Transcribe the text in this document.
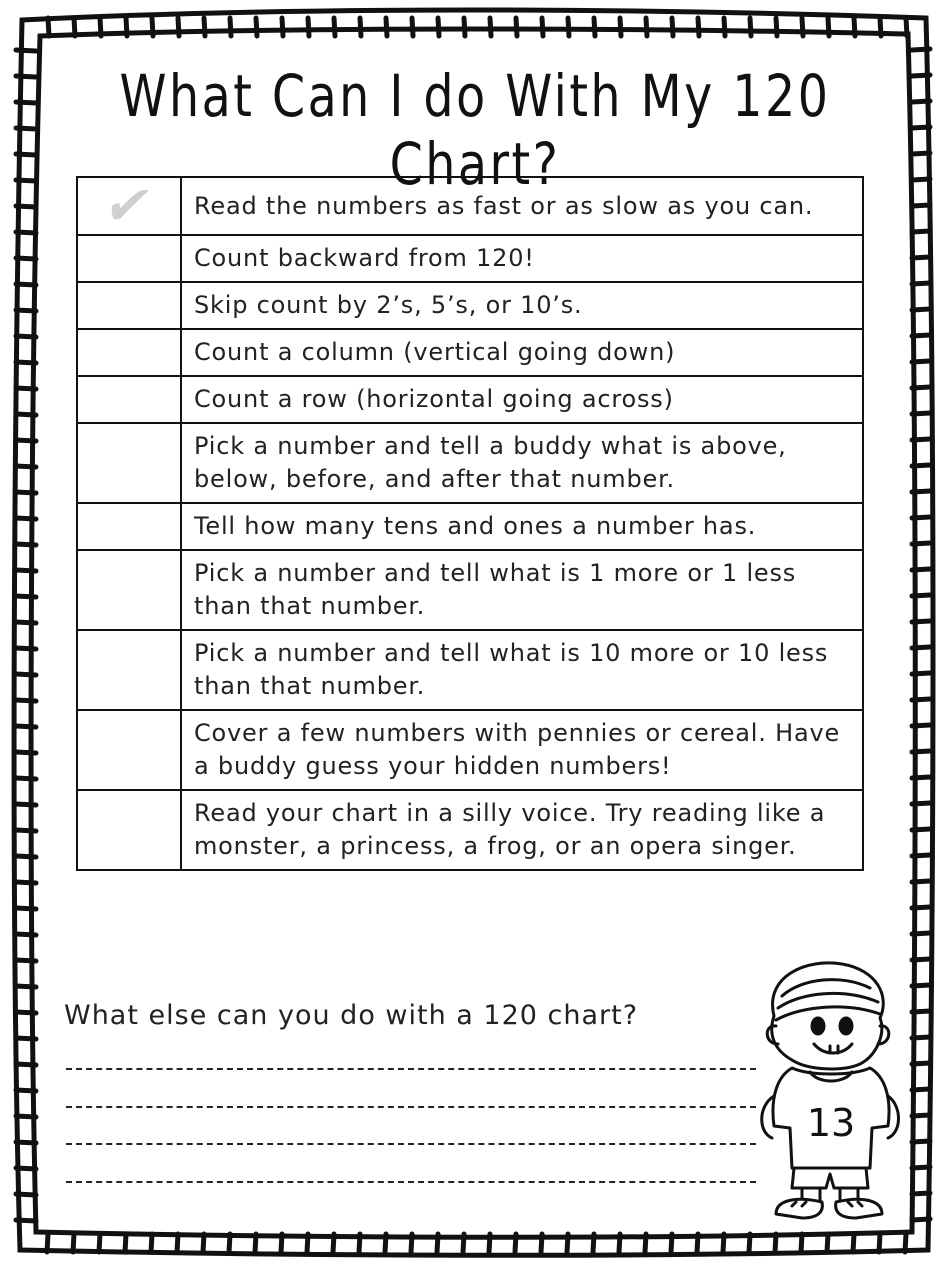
What Can I do With My 120 Chart?
✔	Read the numbers as fast or as slow as you can.
	Count backward from 120!
	Skip count by 2’s, 5’s, or 10’s.
	Count a column (vertical going down)
	Count a row (horizontal going across)
	Pick a number and tell a buddy what is above, below, before, and after that number.
	Tell how many tens and ones a number has.
	Pick a number and tell what is 1 more or 1 less than that number.
	Pick a number and tell what is 10 more or 10 less than that number.
	Cover a few numbers with pennies or cereal. Have a buddy guess your hidden numbers!
	Read your chart in a silly voice. Try reading like a monster, a princess, a frog, or an opera singer.
What else can you do with a 120 chart?
13
